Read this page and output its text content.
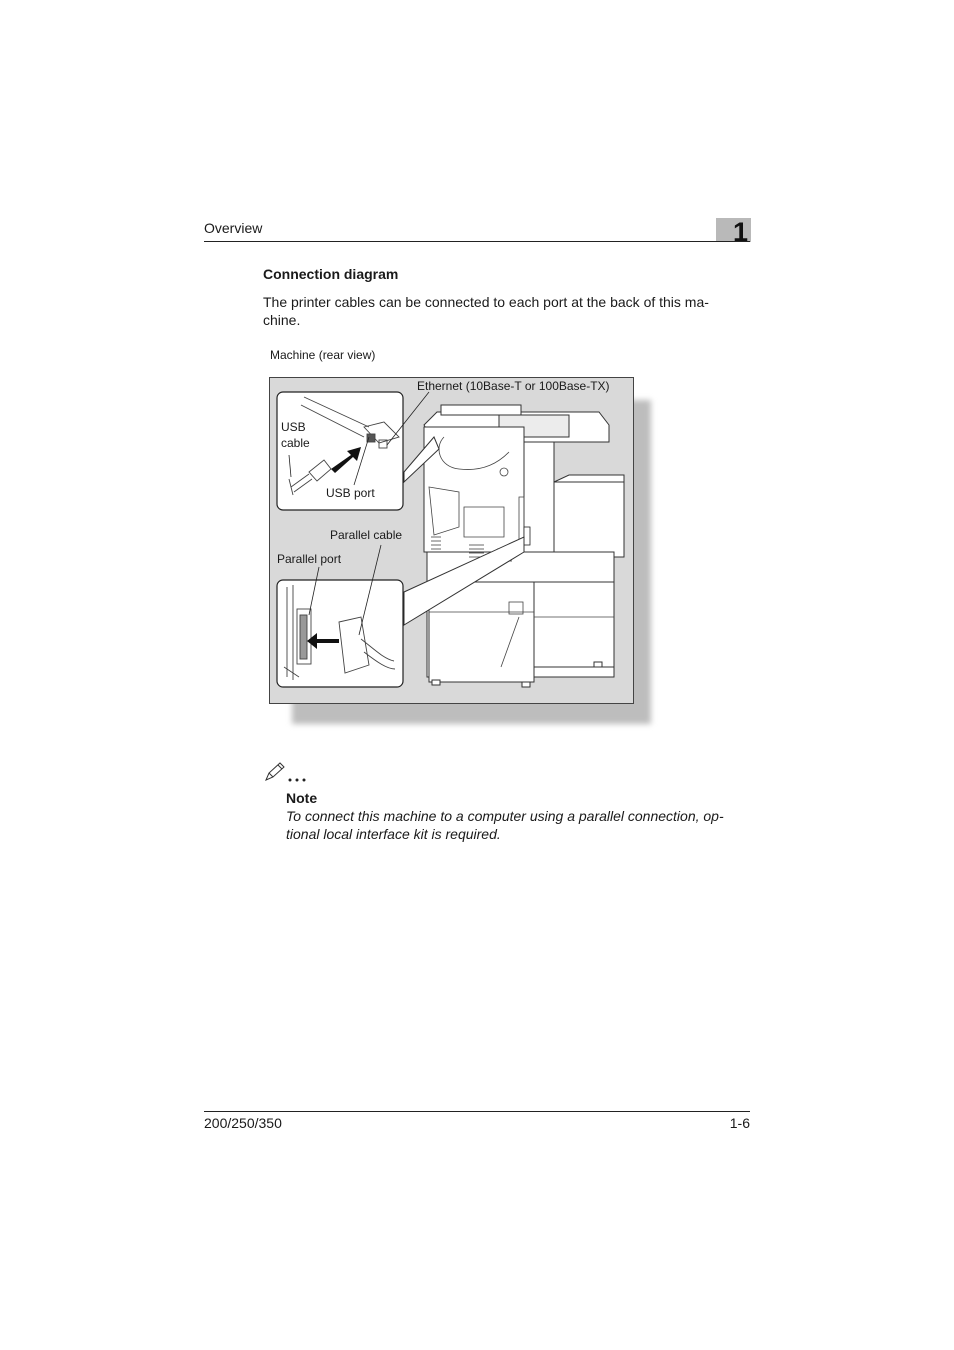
Overview	1
Connection diagram
The printer cables can be connected to each port at the back of this ma-chine.
Machine (rear view)
Ethernet (10Base-T or 100Base-TX)
USB
cable
USB port
Parallel cable
Parallel port
Note
To connect this machine to a computer using a parallel connection, op-tional local interface kit is required.
200/250/350	1-6
